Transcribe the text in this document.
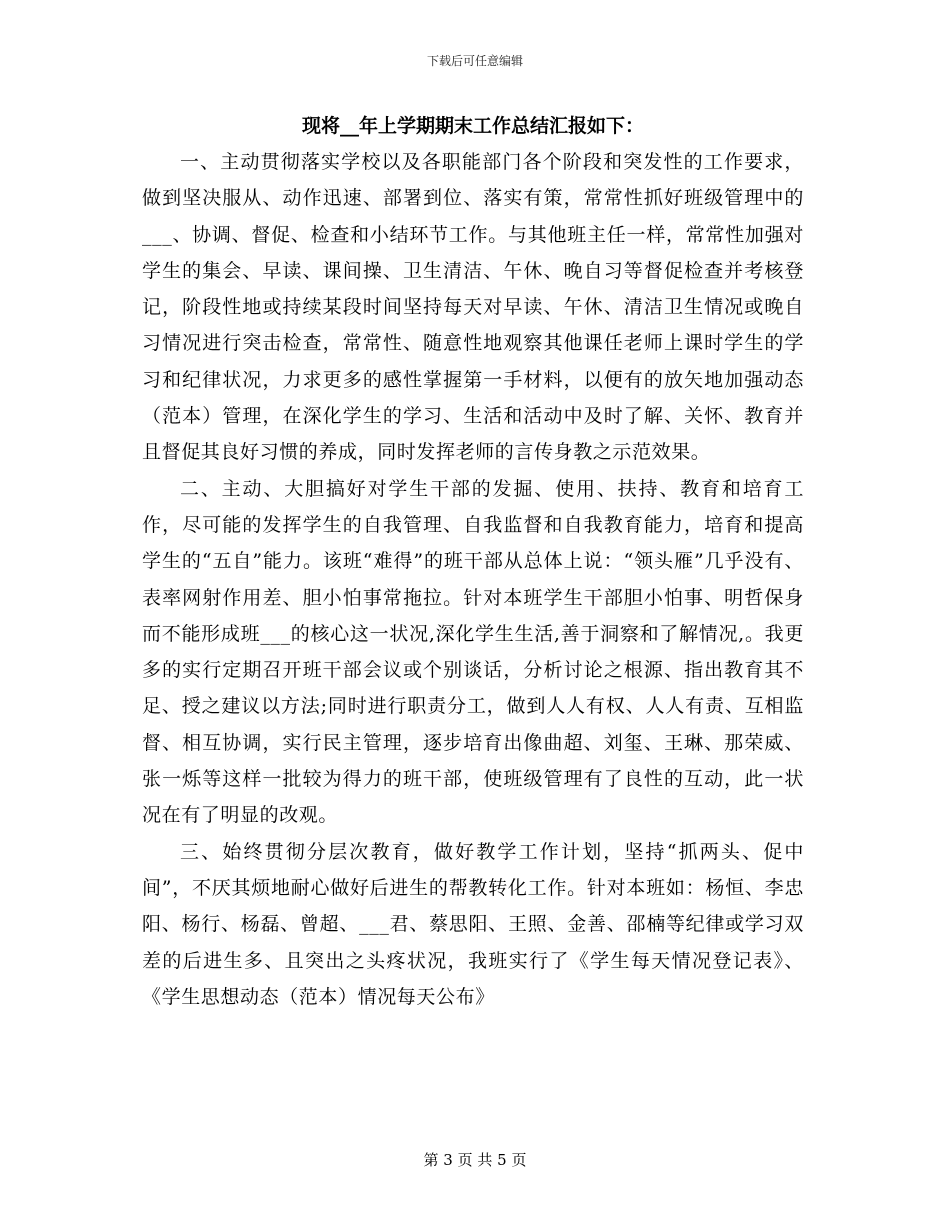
下载后可任意编辑

现将__年上学期期末工作总结汇报如下：

一、主动贯彻落实学校以及各职能部门各个阶段和突发性的工作要求，做到坚决服从、动作迅速、部署到位、落实有策，常常性抓好班级管理中的___、协调、督促、检查和小结环节工作。与其他班主任一样，常常性加强对学生的集会、早读、课间操、卫生清洁、午休、晚自习等督促检查并考核登记，阶段性地或持续某段时间坚持每天对早读、午休、清洁卫生情况或晚自习情况进行突击检查，常常性、随意性地观察其他课任老师上课时学生的学习和纪律状况，力求更多的感性掌握第一手材料，以便有的放矢地加强动态（范本）管理，在深化学生的学习、生活和活动中及时了解、关怀、教育并且督促其良好习惯的养成，同时发挥老师的言传身教之示范效果。

二、主动、大胆搞好对学生干部的发掘、使用、扶持、教育和培育工作，尽可能的发挥学生的自我管理、自我监督和自我教育能力，培育和提高学生的“五自”能力。该班“难得”的班干部从总体上说：“领头雁”几乎没有、表率网射作用差、胆小怕事常拖拉。针对本班学生干部胆小怕事、明哲保身而不能形成班___的核心这一状况,深化学生生活,善于洞察和了解情况,。我更多的实行定期召开班干部会议或个别谈话，分析讨论之根源、指出教育其不足、授之建议以方法;同时进行职责分工，做到人人有权、人人有责、互相监督、相互协调，实行民主管理，逐步培育出像曲超、刘玺、王琳、那荣威、张一烁等这样一批较为得力的班干部，使班级管理有了良性的互动，此一状况在有了明显的改观。

三、始终贯彻分层次教育，做好教学工作计划，坚持“抓两头、促中间”，不厌其烦地耐心做好后进生的帮教转化工作。针对本班如：杨恒、李忠阳、杨行、杨磊、曾超、___君、蔡思阳、王照、金善、邵楠等纪律或学习双差的后进生多、且突出之头疼状况，我班实行了《学生每天情况登记表》、《学生思想动态（范本）情况每天公布》

第 3 页 共 5 页
